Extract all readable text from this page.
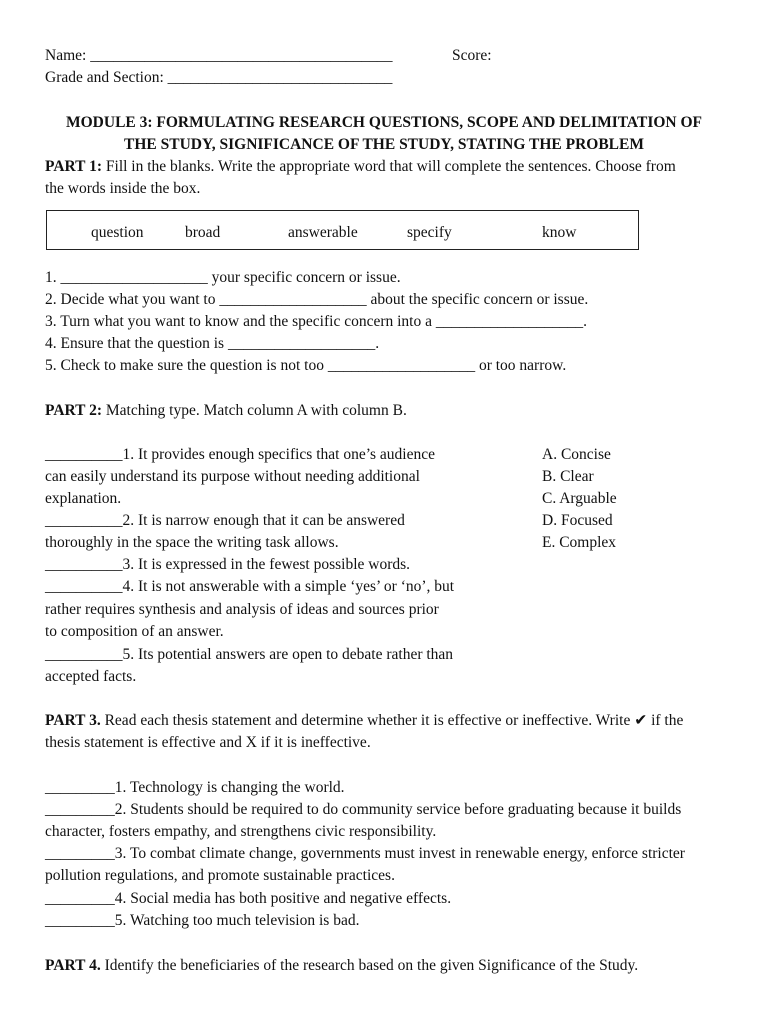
Name: _______________________________________	Score:
Grade and Section: _____________________________
MODULE 3: FORMULATING RESEARCH QUESTIONS, SCOPE AND DELIMITATION OF
THE STUDY, SIGNIFICANCE OF THE STUDY, STATING THE PROBLEM
PART 1: Fill in the blanks. Write the appropriate word that will complete the sentences. Choose from
the words inside the box.
question	broad	answerable	specify	know
1. ___________________ your specific concern or issue.
2. Decide what you want to ___________________ about the specific concern or issue.
3. Turn what you want to know and the specific concern into a ___________________.
4. Ensure that the question is ___________________.
5. Check to make sure the question is not too ___________________ or too narrow.
PART 2: Matching type. Match column A with column B.
__________1. It provides enough specifics that one’s audience
can easily understand its purpose without needing additional
explanation.
__________2. It is narrow enough that it can be answered
thoroughly in the space the writing task allows.
__________3. It is expressed in the fewest possible words.
__________4. It is not answerable with a simple ‘yes’ or ‘no’, but
rather requires synthesis and analysis of ideas and sources prior
to composition of an answer.
__________5. Its potential answers are open to debate rather than
accepted facts.
A. Concise
B. Clear
C. Arguable
D. Focused
E. Complex
PART 3. Read each thesis statement and determine whether it is effective or ineffective. Write ✔ if the
thesis statement is effective and X if it is ineffective.
_________1. Technology is changing the world.
_________2. Students should be required to do community service before graduating because it builds
character, fosters empathy, and strengthens civic responsibility.
_________3. To combat climate change, governments must invest in renewable energy, enforce stricter
pollution regulations, and promote sustainable practices.
_________4. Social media has both positive and negative effects.
_________5. Watching too much television is bad.
PART 4. Identify the beneficiaries of the research based on the given Significance of the Study.
